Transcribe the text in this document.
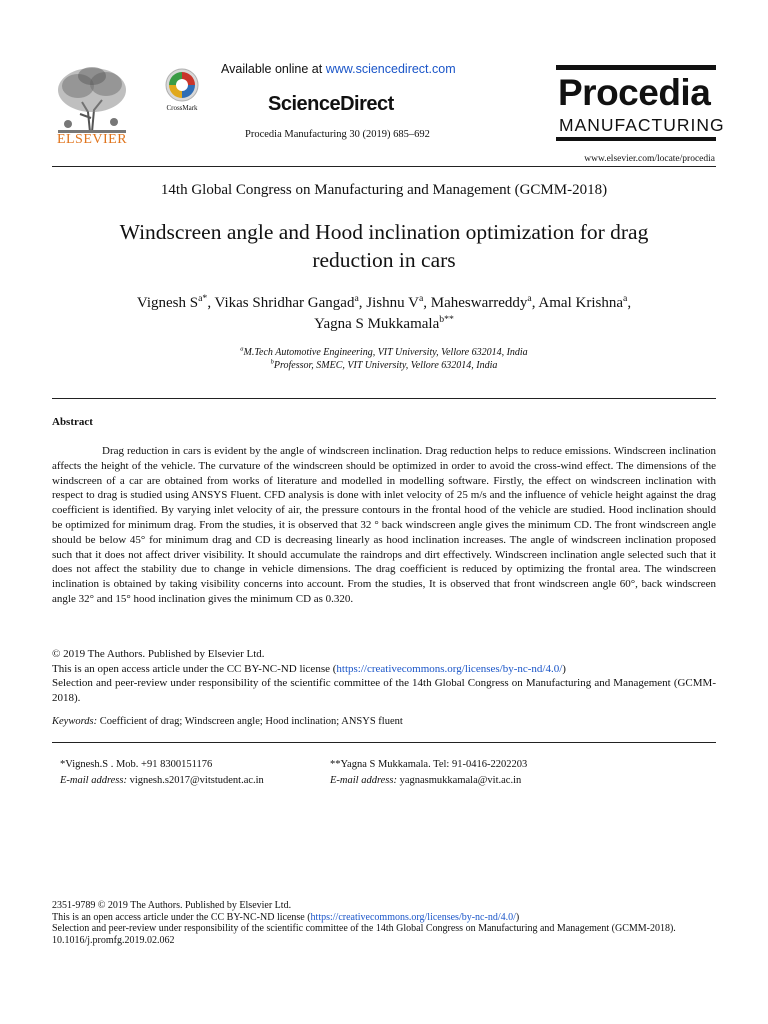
ELSEVIER
CrossMark
Available online at www.sciencedirect.com
ScienceDirect
Procedia Manufacturing 30 (2019) 685–692
Procedia
MANUFACTURING
www.elsevier.com/locate/procedia
14th Global Congress on Manufacturing and Management (GCMM-2018)
Windscreen angle and Hood inclination optimization for drag
reduction in cars
Vignesh $S^{a*}$, Vikas Shridhar Gangad$^a$, Jishnu $V^a$, Maheswarreddy$^a$, Amal Krishna$^a$,
Yagna S Mukkamala$^{b**}$
$^a$M.Tech Automotive Engineering, VIT University, Vellore 632014, India
$^b$Professor, SMEC, VIT University, Vellore 632014, India
Abstract
Drag reduction in cars is evident by the angle of windscreen inclination. Drag reduction helps to reduce emissions. Windscreen inclination affects the height of the vehicle. The curvature of the windscreen should be optimized in order to avoid the cross-wind effect. The dimensions of the windscreen of a car are obtained from works of literature and modelled in modelling software. Firstly, the effect on windscreen inclination with respect to drag is studied using ANSYS Fluent. CFD analysis is done with inlet velocity of 25 m/s and the influence of vehicle height against the drag coefficient is identified. By varying inlet velocity of air, the pressure contours in the frontal hood of the vehicle are studied. Hood inclination should be optimized for minimum drag. From the studies, it is observed that 32 ° back windscreen angle gives the minimum CD. The front windscreen angle should be below 45° for minimum drag and CD is decreasing linearly as hood inclination increases. The angle of windscreen inclination proposed such that it does not affect driver visibility. It should accumulate the raindrops and dirt effectively. Windscreen inclination angle selected such that it does not affect the stability due to change in vehicle dimensions. The drag coefficient is reduced by optimizing the frontal area. The windscreen inclination is obtained by taking visibility concerns into account. From the studies, It is observed that front windscreen angle 60°, back windscreen angle 32° and 15° hood inclination gives the minimum CD as 0.320.
© 2019 The Authors. Published by Elsevier Ltd.
This is an open access article under the CC BY-NC-ND license (https://creativecommons.org/licenses/by-nc-nd/4.0/)
Selection and peer-review under responsibility of the scientific committee of the 14th Global Congress on Manufacturing and Management (GCMM-2018).
Keywords: Coefficient of drag; Windscreen angle; Hood inclination; ANSYS fluent
*Vignesh.S . Mob. +91 8300151176
E-mail address: vignesh.s2017@vitstudent.ac.in
**Yagna S Mukkamala. Tel: 91-0416-2202203
E-mail address: yagnasmukkamala@vit.ac.in
2351-9789 © 2019 The Authors. Published by Elsevier Ltd.
This is an open access article under the CC BY-NC-ND license (https://creativecommons.org/licenses/by-nc-nd/4.0/)
Selection and peer-review under responsibility of the scientific committee of the 14th Global Congress on Manufacturing and Management (GCMM-2018).
10.1016/j.promfg.2019.02.062
